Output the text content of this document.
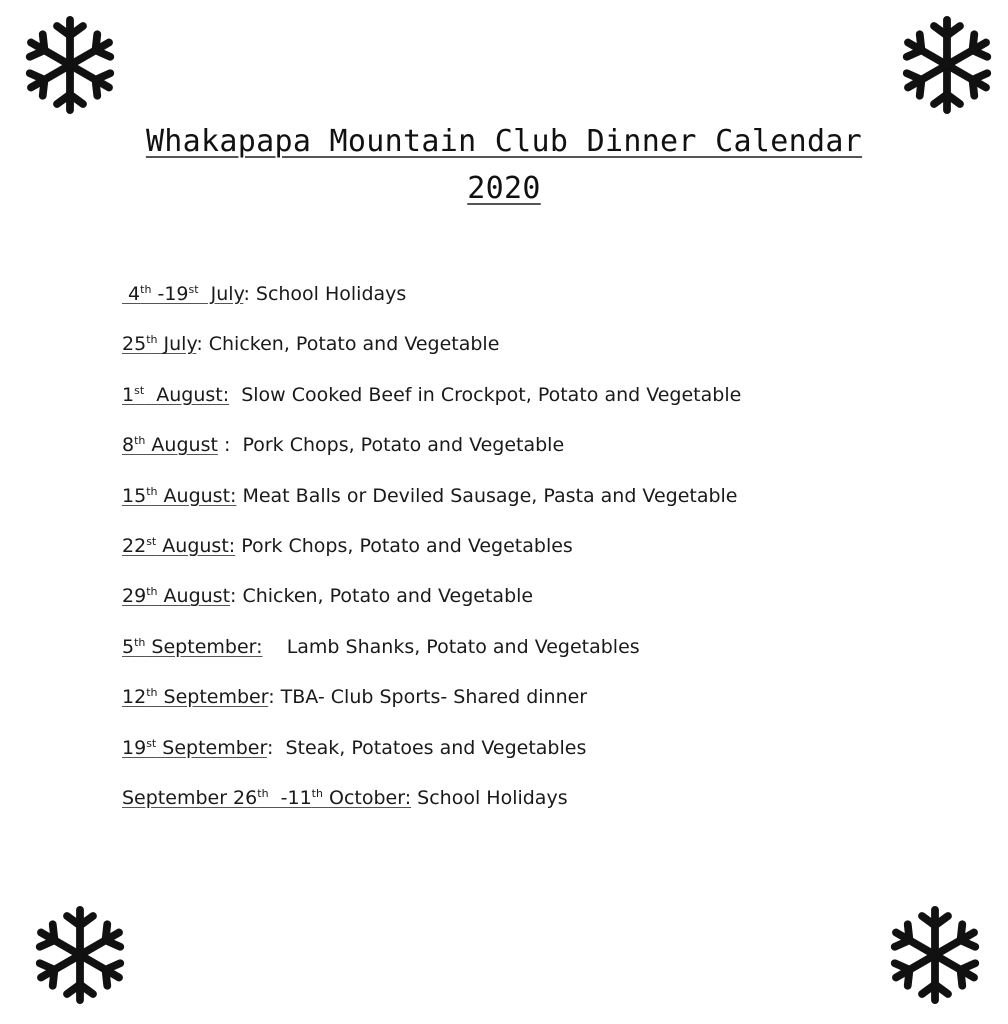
Whakapapa Mountain Club Dinner Calendar
2020
4th -19st  July: School Holidays
25th July: Chicken, Potato and Vegetable
1st  August:  Slow Cooked Beef in Crockpot, Potato and Vegetable
8th August :  Pork Chops, Potato and Vegetable
15th August: Meat Balls or Deviled Sausage, Pasta and Vegetable
22st August: Pork Chops, Potato and Vegetables
29th August: Chicken, Potato and Vegetable
5th September:    Lamb Shanks, Potato and Vegetables
12th September: TBA- Club Sports- Shared dinner
19st September:  Steak, Potatoes and Vegetables
September 26th  -11th October: School Holidays
